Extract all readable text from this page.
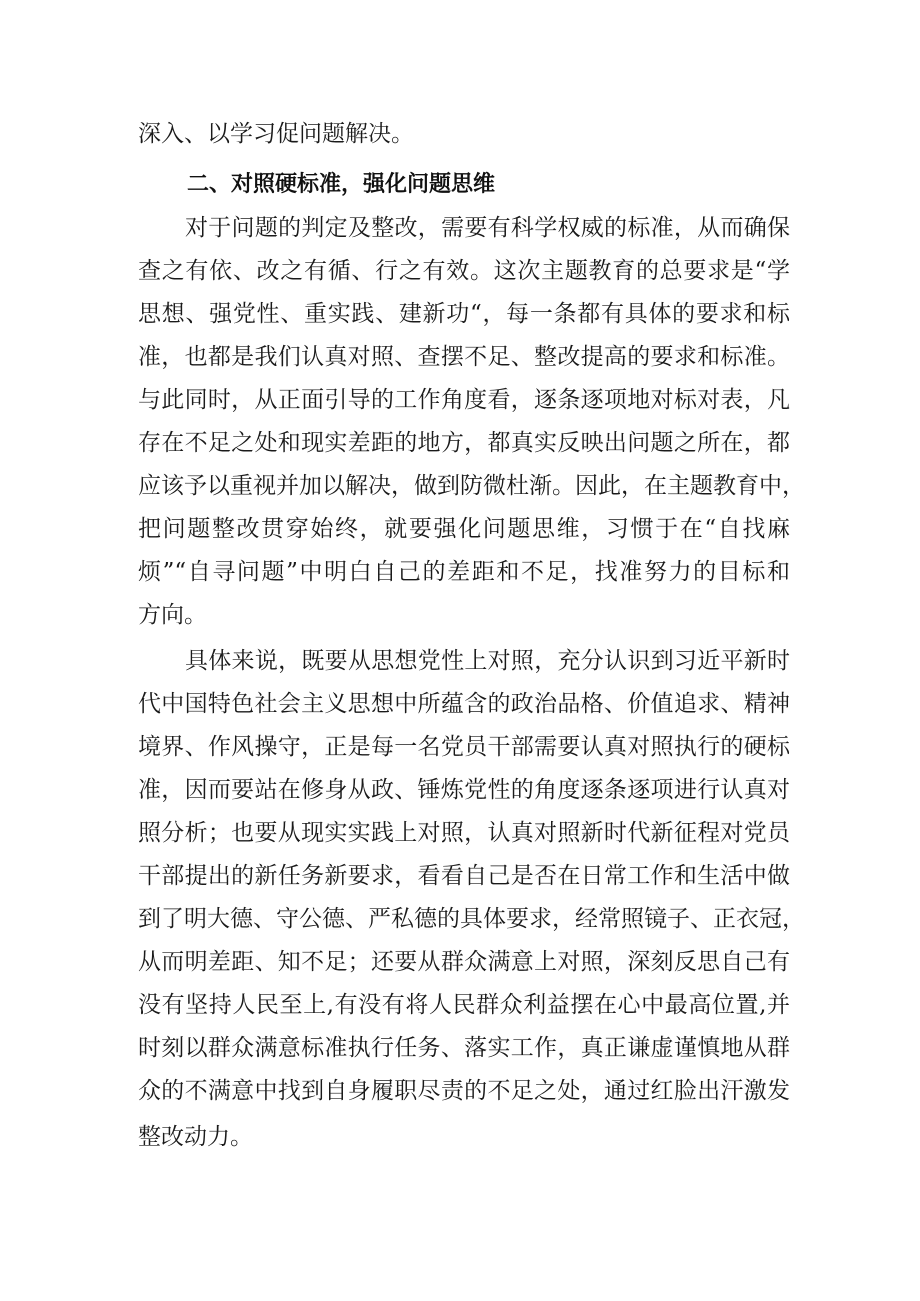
深入、以学习促问题解决。
二、对照硬标准，强化问题思维
对于问题的判定及整改，需要有科学权威的标准，从而确保
查之有依、改之有循、行之有效。这次主题教育的总要求是“学
思想、强党性、重实践、建新功“，每一条都有具体的要求和标
准，也都是我们认真对照、查摆不足、整改提高的要求和标准。
与此同时，从正面引导的工作角度看，逐条逐项地对标对表，凡
存在不足之处和现实差距的地方，都真实反映出问题之所在，都
应该予以重视并加以解决，做到防微杜渐。因此，在主题教育中，
把问题整改贯穿始终，就要强化问题思维，习惯于在“自找麻
烦”“自寻问题”中明白自己的差距和不足，找准努力的目标和
方向。
具体来说，既要从思想党性上对照，充分认识到习近平新时
代中国特色社会主义思想中所蕴含的政治品格、价值追求、精神
境界、作风操守，正是每一名党员干部需要认真对照执行的硬标
准，因而要站在修身从政、锤炼党性的角度逐条逐项进行认真对
照分析；也要从现实实践上对照，认真对照新时代新征程对党员
干部提出的新任务新要求，看看自己是否在日常工作和生活中做
到了明大德、守公德、严私德的具体要求，经常照镜子、正衣冠，
从而明差距、知不足；还要从群众满意上对照，深刻反思自己有
没有坚持人民至上,有没有将人民群众利益摆在心中最高位置,并
时刻以群众满意标准执行任务、落实工作，真正谦虚谨慎地从群
众的不满意中找到自身履职尽责的不足之处，通过红脸出汗激发
整改动力。
